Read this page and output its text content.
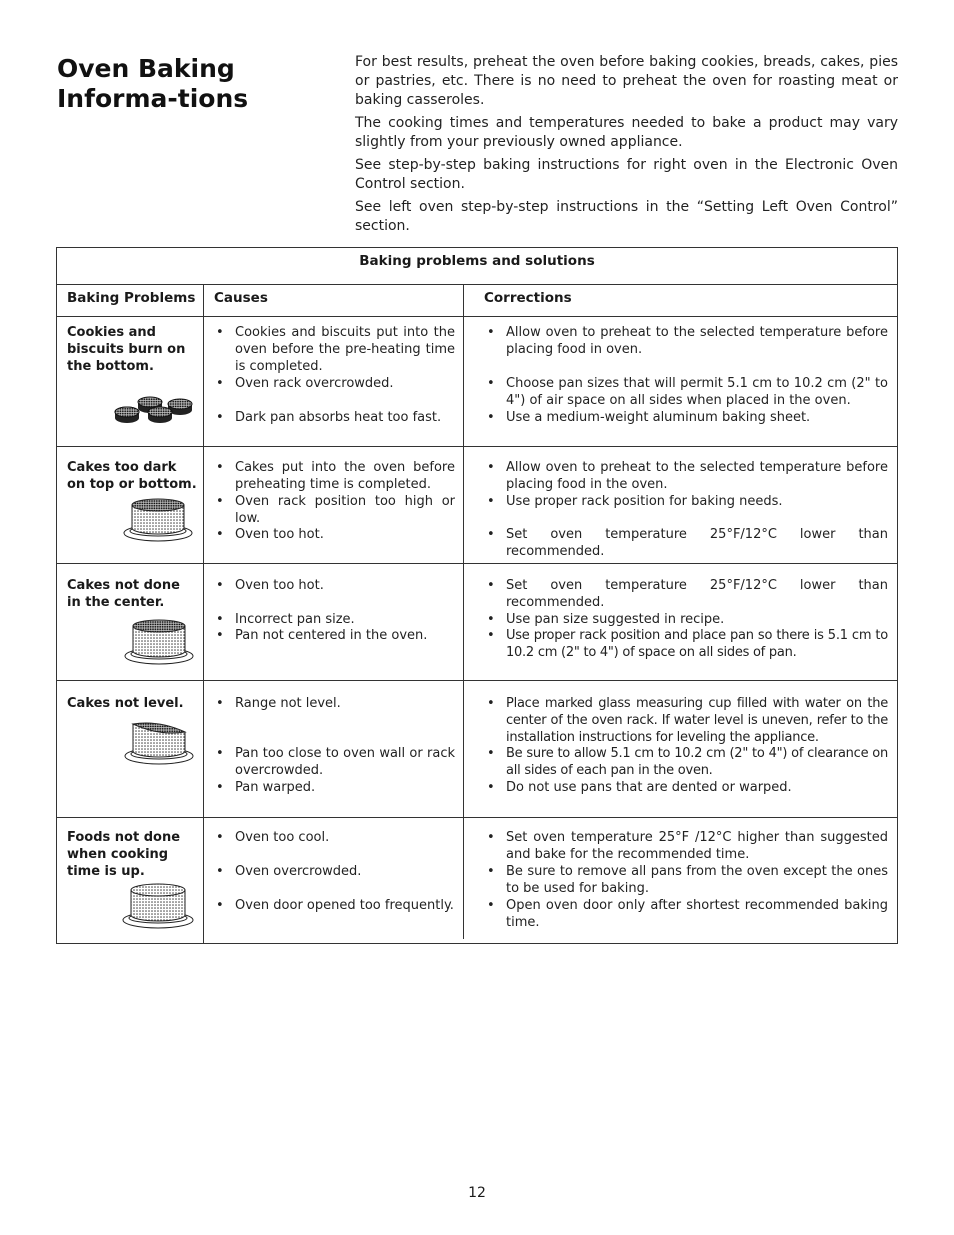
Oven Baking Informa-tions

For best results, preheat the oven before baking cookies, breads, cakes, pies or pastries, etc. There is no need to preheat the oven for roasting meat or baking casseroles.

The cooking times and temperatures needed to bake a product may vary slightly from your previously owned appliance.

See step-by-step baking instructions for right oven in the Electronic Oven Control section.

See left oven step-by-step instructions in the “Setting Left Oven Control” section.

Baking problems and solutions
Baking Problems Causes	Corrections
Cookies and biscuits burn on the bottom.
• Cookies and biscuits put into the oven before the pre-heating time is completed.
• Oven rack overcrowded.
• Dark pan absorbs heat too fast.
• Allow oven to preheat to the selected temperature before placing food in oven.
• Choose pan sizes that will permit 5.1 cm to 10.2 cm (2" to 4") of air space on all sides when placed in the oven.
• Use a medium-weight aluminum baking sheet.
Cakes too dark on top or bottom.
• Cakes put into the oven before preheating time is completed.
• Oven rack position too high or low.
• Oven too hot.
• Allow oven to preheat to the selected temperature before placing food in the oven.
• Use proper rack position for baking needs.
• Set oven temperature 25°F/12°C lower than recommended.
Cakes not done in the center.
• Oven too hot.
• Incorrect pan size.
• Pan not centered in the oven.
• Set oven temperature 25°F/12°C lower than recommended.
• Use pan size suggested in recipe.
• Use proper rack position and place pan so there is 5.1 cm to 10.2 cm (2" to 4") of space on all sides of pan.
Cakes not level.
•	Range not level.
• Pan too close to oven wall or rack overcrowded.
• Pan warped.
• Place marked glass measuring cup filled with water on the center of the oven rack. If water level is uneven, refer to the installation instructions for leveling the appliance.
• Be sure to allow 5.1 cm to 10.2 cm (2" to 4") of clearance on all sides of each pan in the oven.
• Do not use pans that are dented or warped.
Foods not done when cooking time is up.
• Oven too cool.
• Oven overcrowded.
• Oven door opened too frequently.
• Set oven temperature 25°F /12°C higher than suggested and bake for the recommended time.
• Be sure to remove all pans from the oven except the ones to be used for baking.
• Open oven door only after shortest recommended baking time.
12
